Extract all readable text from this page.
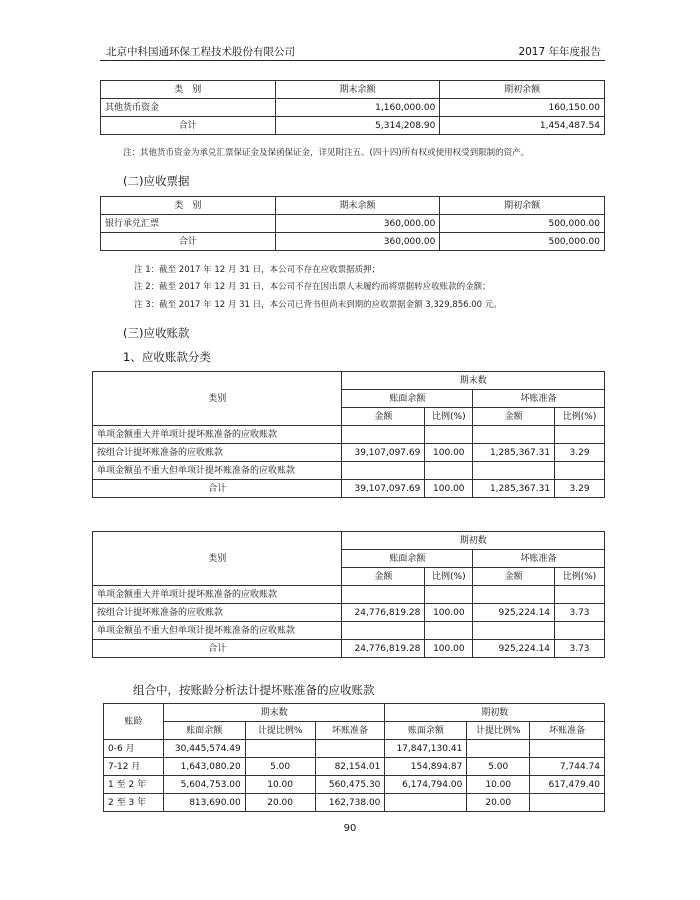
北京中科国通环保工程技术股份有限公司	2017 年年度报告
类　别	期末余额	期初余额
其他货币资金	1,160,000.00	160,150.00
合计	5,314,208.90	1,454,487.54
注：其他货币资金为承兑汇票保证金及保函保证金，详见附注五、(四十四)所有权或使用权受到限制的资产。
(二)应收票据
类　别	期末余额	期初余额
银行承兑汇票	360,000.00	500,000.00
合计	360,000.00	500,000.00
注 1：截至 2017 年 12 月 31 日，本公司不存在应收票据质押；
注 2：截至 2017 年 12 月 31 日，本公司不存在因出票人未履约而将票据转应收账款的金额；
注 3：截至 2017 年 12 月 31 日，本公司已背书但尚未到期的应收票据金额 3,329,856.00 元。
(三)应收账款
1、应收账款分类
类别	期末数			
	账面余额		坏账准备	
	金额	比例(%)	金额	比例(%)
单项金额重大并单项计提坏账准备的应收账款				
按组合计提坏账准备的应收账款	39,107,097.69	100.00	1,285,367.31	3.29
单项金额虽不重大但单项计提坏账准备的应收账款				
合计	39,107,097.69	100.00	1,285,367.31	3.29
类别	期初数			
	账面余额		坏账准备	
	金额	比例(%)	金额	比例(%)
单项金额重大并单项计提坏账准备的应收账款				
按组合计提坏账准备的应收账款	24,776,819.28	100.00	925,224.14	3.73
单项金额虽不重大但单项计提坏账准备的应收账款				
合计	24,776,819.28	100.00	925,224.14	3.73
组合中，按账龄分析法计提坏账准备的应收账款
账龄	期末数			期初数		
	账面余额	计提比例%	坏账准备	账面余额	计提比例%	坏账准备
0-6 月	30,445,574.49			17,847,130.41		
7-12 月	1,643,080.20	5.00	82,154.01	154,894.87	5.00	7,744.74
1 至 2 年	5,604,753.00	10.00	560,475.30	6,174,794.00	10.00	617,479.40
2 至 3 年	813,690.00	20.00	162,738.00		20.00	
90
